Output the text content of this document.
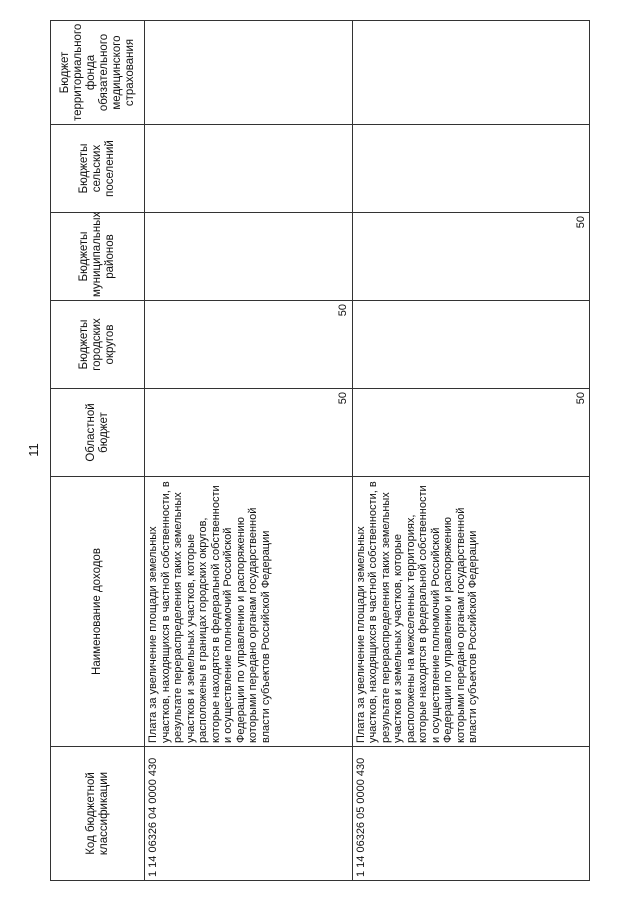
11
Код бюджетной классификации	Наименование доходов	Областной бюджет	Бюджеты городских округов	Бюджеты муниципальных районов	Бюджеты сельских поселений	Бюджет территориального фонда обязательного медицинского страхования
1 14 06326 04 0000 430	Плата за увеличение площади земельных участков, находящихся в частной собственности, в результате перераспределения таких земельных участков и земельных участков, которые расположены в границах городских округов, которые находятся в федеральной собственности и осуществление полномочий Российской Федерации по управлению и распоряжению которыми передано органам государственной власти субъектов Российской Федерации	50	50			
1 14 06326 05 0000 430	Плата за увеличение площади земельных участков, находящихся в частной собственности, в результате перераспределения таких земельных участков и земельных участков, которые расположены на межселенных территориях, которые находятся в федеральной собственности и осуществление полномочий Российской Федерации по управлению и распоряжению которыми передано органам государственной власти субъектов Российской Федерации	50		50		
